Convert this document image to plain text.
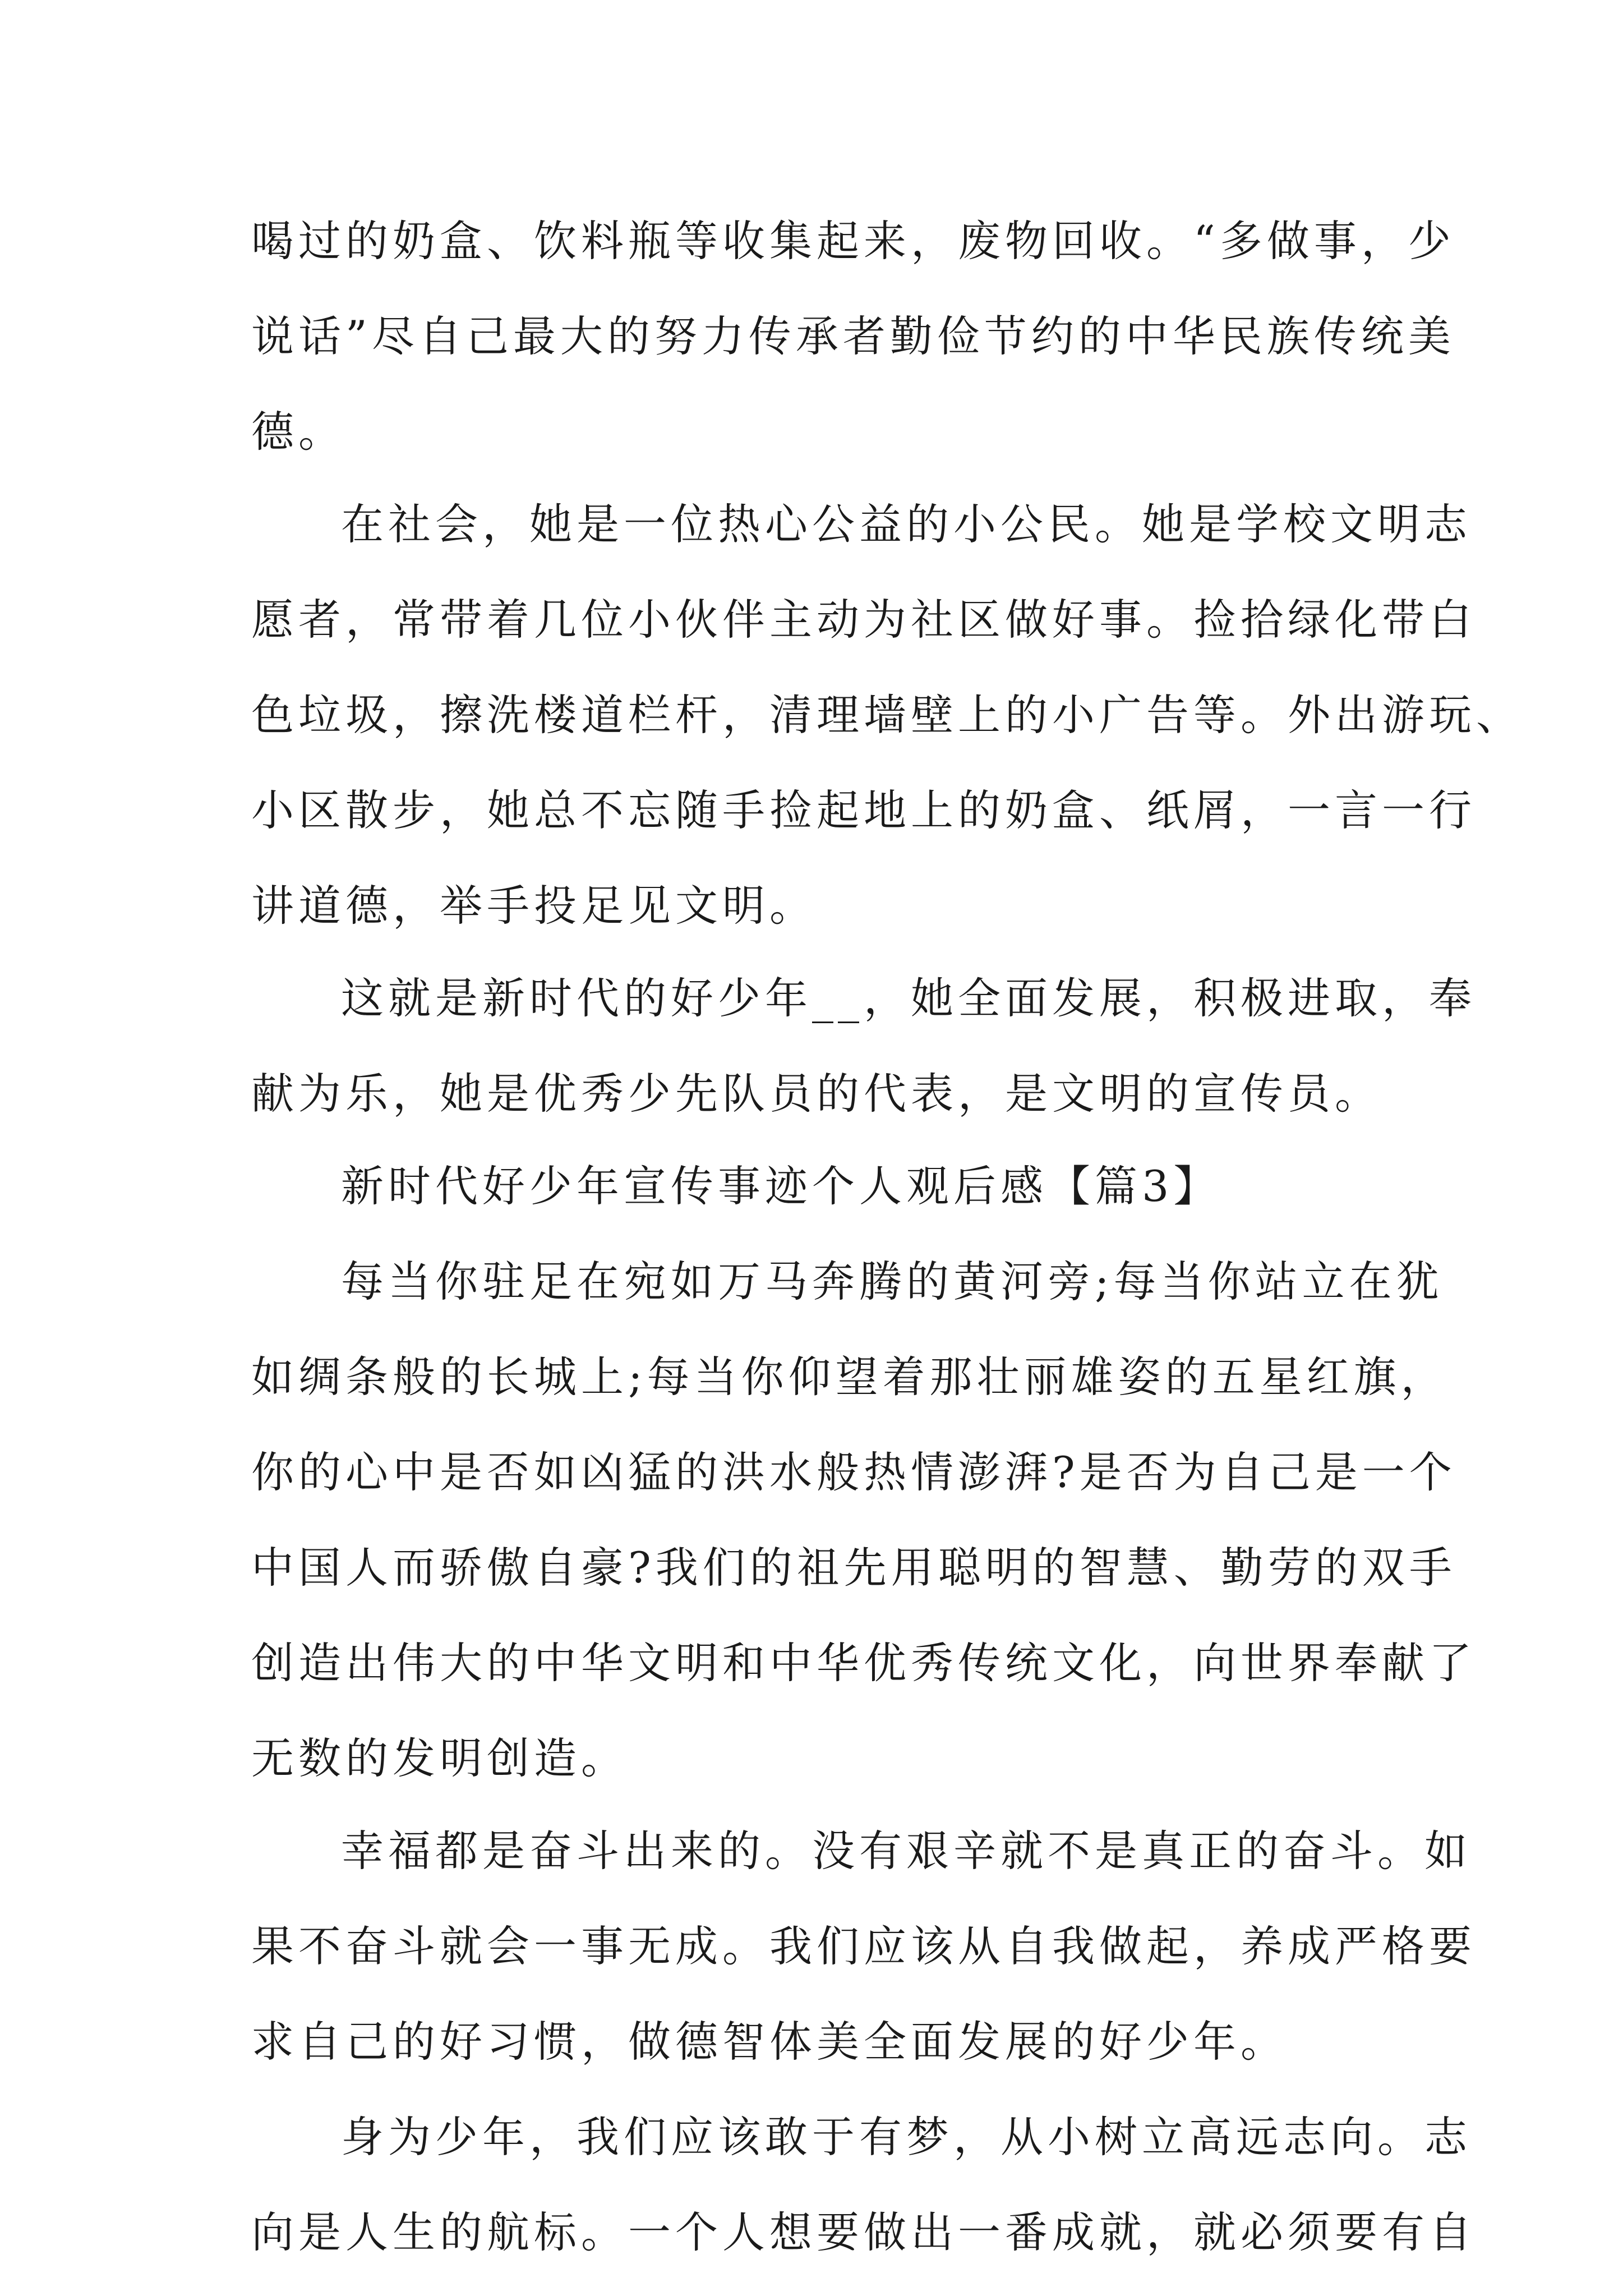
喝过的奶盒、饮料瓶等收集起来，废物回收。“多做事，少
说话”尽自己最大的努力传承者勤俭节约的中华民族传统美
德。
在社会，她是一位热心公益的小公民。她是学校文明志
愿者，常带着几位小伙伴主动为社区做好事。捡拾绿化带白
色垃圾，擦洗楼道栏杆，清理墙壁上的小广告等。外出游玩、
小区散步，她总不忘随手捡起地上的奶盒、纸屑，一言一行
讲道德，举手投足见文明。
这就是新时代的好少年__，她全面发展，积极进取，奉
献为乐，她是优秀少先队员的代表，是文明的宣传员。
新时代好少年宣传事迹个人观后感【篇3】
每当你驻足在宛如万马奔腾的黄河旁;每当你站立在犹
如绸条般的长城上;每当你仰望着那壮丽雄姿的五星红旗，
你的心中是否如凶猛的洪水般热情澎湃?是否为自己是一个
中国人而骄傲自豪?我们的祖先用聪明的智慧、勤劳的双手
创造出伟大的中华文明和中华优秀传统文化，向世界奉献了
无数的发明创造。
幸福都是奋斗出来的。没有艰辛就不是真正的奋斗。如
果不奋斗就会一事无成。我们应该从自我做起，养成严格要
求自己的好习惯，做德智体美全面发展的好少年。
身为少年，我们应该敢于有梦，从小树立高远志向。志
向是人生的航标。一个人想要做出一番成就，就必须要有自
